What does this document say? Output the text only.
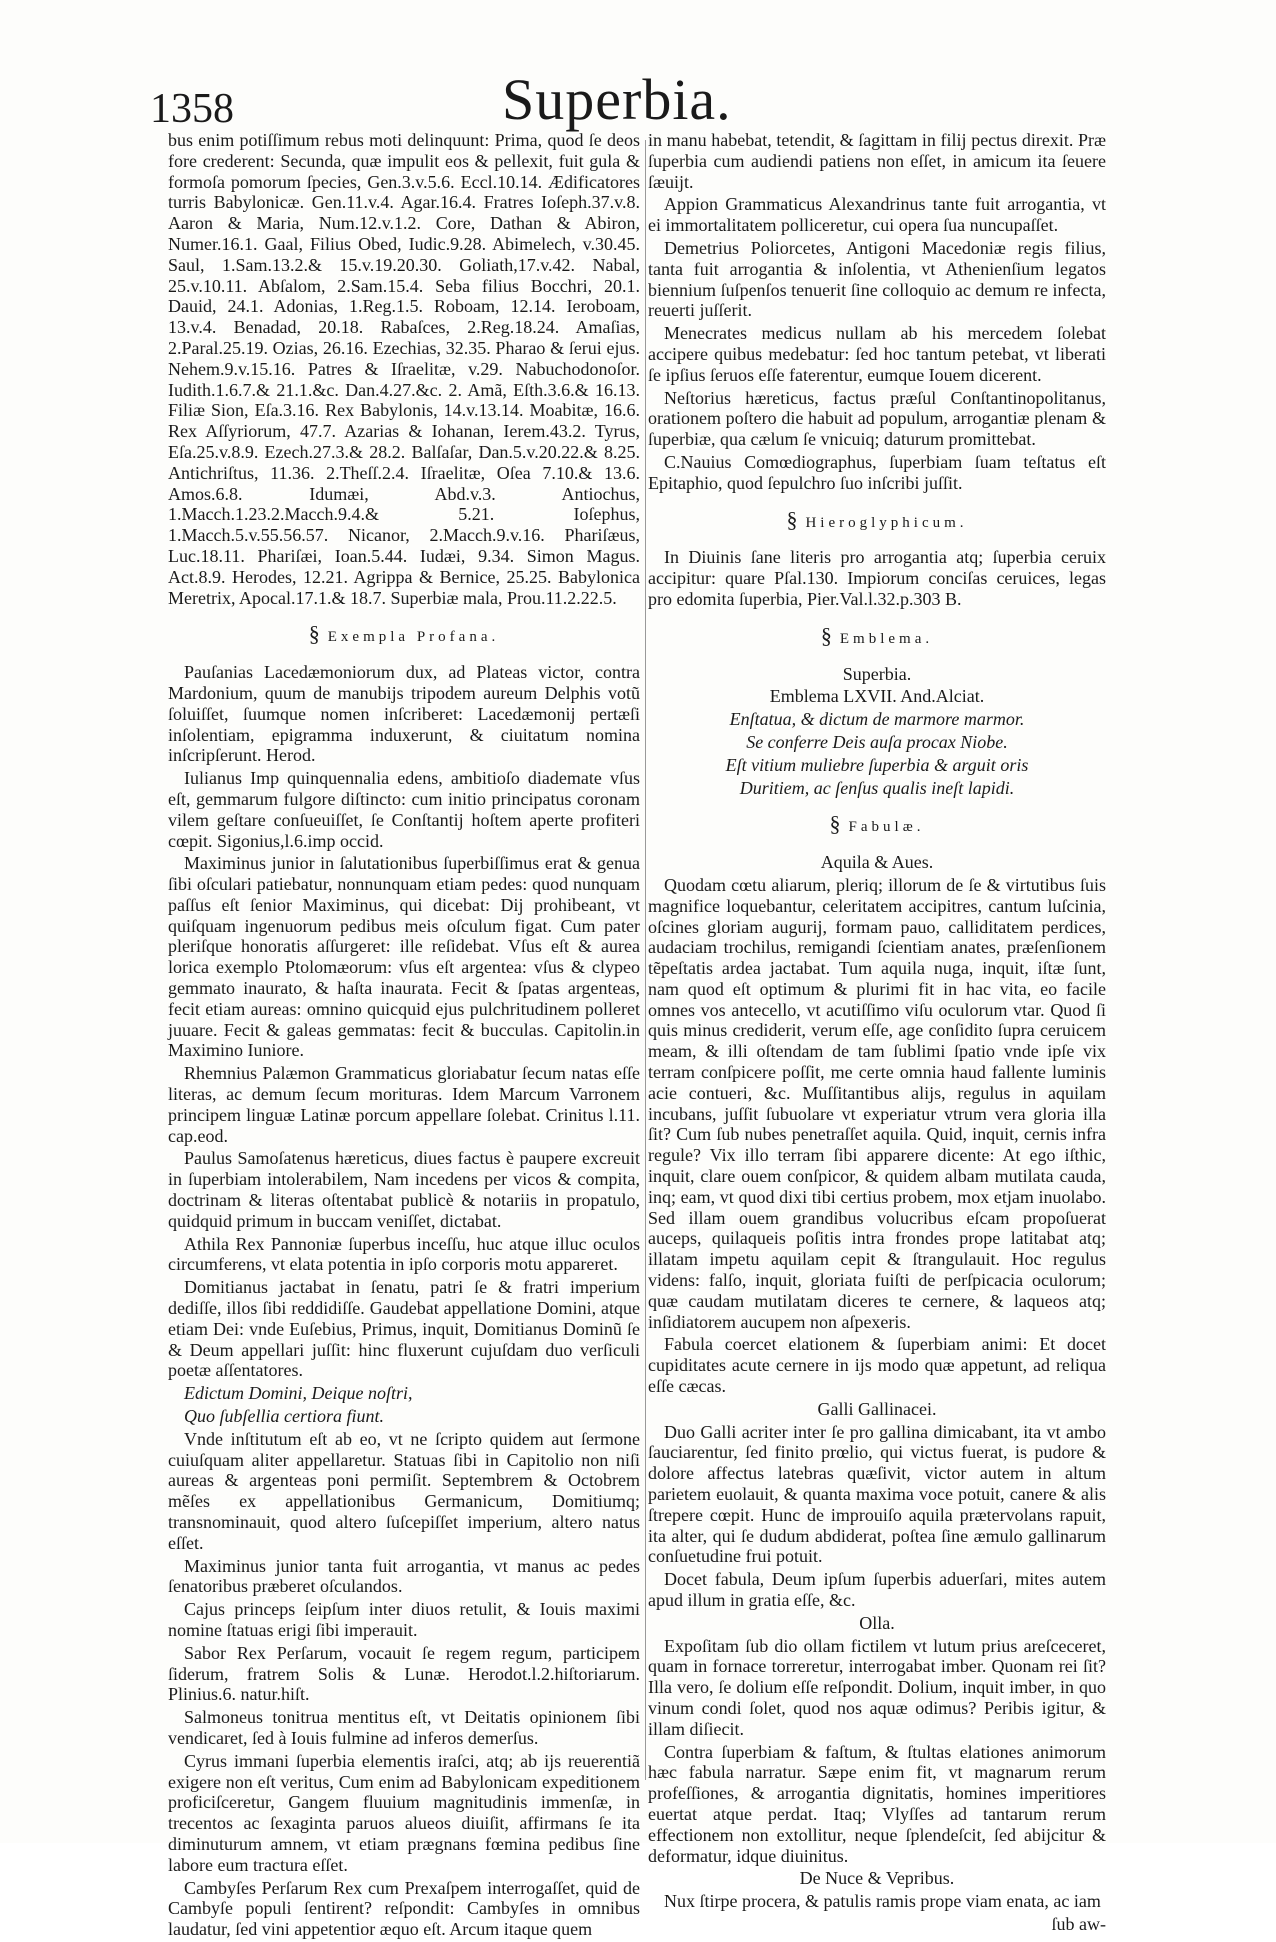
1358	Superbia.

bus enim potiſſimum rebus moti delinquunt: Prima, quod ſe deos fore crederent: Secunda, quæ impulit eos & pellexit, fuit gula & formoſa pomorum ſpecies, Gen.3.v.5.6. Eccl.10.14. Ædificatores turris Babylonicæ. Gen.11.v.4. Agar.16.4. Fratres Ioſeph.37.v.8. Aaron & Maria, Num.12.v.1.2. Core, Dathan & Abiron, Numer.16.1. Gaal, Filius Obed, Iudic.9.28. Abimelech, v.30.45. Saul, 1.Sam.13.2.& 15.v.19.20.30. Goliath,17.v.42. Nabal, 25.v.10.11. Abſalom, 2.Sam.15.4. Seba filius Bocchri, 20.1. Dauid, 24.1. Adonias, 1.Reg.1.5. Roboam, 12.14. Ieroboam, 13.v.4. Benadad, 20.18. Rabaſces, 2.Reg.18.24. Amaſias, 2.Paral.25.19. Ozias, 26.16. Ezechias, 32.35. Pharao & ſerui ejus. Nehem.9.v.15.16. Patres & Iſraelitæ, v.29. Nabuchodonoſor. Iudith.1.6.7.& 21.1.&c. Dan.4.27.&c. 2. Amã, Eſth.3.6.& 16.13. Filiæ Sion, Eſa.3.16. Rex Babylonis, 14.v.13.14. Moabitæ, 16.6. Rex Aſſyriorum, 47.7. Azarias & Iohanan, Ierem.43.2. Tyrus, Eſa.25.v.8.9. Ezech.27.3.& 28.2. Balſaſar, Dan.5.v.20.22.& 8.25. Antichriſtus, 11.36. 2.Theſſ.2.4. Iſraelitæ, Oſea 7.10.& 13.6. Amos.6.8. Idumæi, Abd.v.3. Antiochus, 1.Macch.1.23.2.Macch.9.4.& 5.21. Ioſephus, 1.Macch.5.v.55.56.57. Nicanor, 2.Macch.9.v.16. Phariſæus, Luc.18.11. Phariſæi, Ioan.5.44. Iudæi, 9.34. Simon Magus. Act.8.9. Herodes, 12.21. Agrippa & Bernice, 25.25. Babylonica Meretrix, Apocal.17.1.& 18.7. Superbiæ mala, Prou.11.2.22.5.

§ Exempla Profana.

Pauſanias Lacedæmoniorum dux, ad Plateas victor, contra Mardonium, quum de manubijs tripodem aureum Delphis votũ ſoluiſſet, ſuumque nomen inſcriberet: Lacedæmonij pertæſi inſolentiam, epigramma induxerunt, & ciuitatum nomina inſcripſerunt. Herod.

Iulianus Imp quinquennalia edens, ambitioſo diademate vſus eſt, gemmarum fulgore diſtincto: cum initio principatus coronam vilem geſtare conſueuiſſet, ſe Conſtantij hoſtem aperte profiteri cœpit. Sigonius,l.6.imp occid.

Maximinus junior in ſalutationibus ſuperbiſſimus erat & genua ſibi oſculari patiebatur, nonnunquam etiam pedes: quod nunquam paſſus eſt ſenior Maximinus, qui dicebat: Dij prohibeant, vt quiſquam ingenuorum pedibus meis oſculum figat. Cum pater pleriſque honoratis aſſurgeret: ille reſidebat. Vſus eſt & aurea lorica exemplo Ptolomæorum: vſus eſt argentea: vſus & clypeo gemmato inaurato, & haſta inaurata. Fecit & ſpatas argenteas, fecit etiam aureas: omnino quicquid ejus pulchritudinem polleret juuare. Fecit & galeas gemmatas: fecit & bucculas. Capitolin.in Maximino Iuniore.

Rhemnius Palæmon Grammaticus gloriabatur ſecum natas eſſe literas, ac demum ſecum morituras. Idem Marcum Varronem principem linguæ Latinæ porcum appellare ſolebat. Crinitus l.11. cap.eod.

Paulus Samoſatenus hæreticus, diues factus è paupere excreuit in ſuperbiam intolerabilem, Nam incedens per vicos & compita, doctrinam & literas oſtentabat publicè & notariis in propatulo, quidquid primum in buccam veniſſet, dictabat.

Athila Rex Pannoniæ ſuperbus inceſſu, huc atque illuc oculos circumferens, vt elata potentia in ipſo corporis motu appareret.

Domitianus jactabat in ſenatu, patri ſe & fratri imperium dediſſe, illos ſibi reddidiſſe. Gaudebat appellatione Domini, atque etiam Dei: vnde Euſebius, Primus, inquit, Domitianus Dominũ ſe & Deum appellari juſſit: hinc fluxerunt cujuſdam duo verſiculi poetæ aſſentatores.

Edictum Domini, Deique noſtri,

Quo ſubſellia certiora fiunt.

Vnde inſtitutum eſt ab eo, vt ne ſcripto quidem aut ſermone cuiuſquam aliter appellaretur. Statuas ſibi in Capitolio non niſi aureas & argenteas poni permiſit. Septembrem & Octobrem mẽſes ex appellationibus Germanicum, Domitiumq; transnominauit, quod altero ſuſcepiſſet imperium, altero natus eſſet.

Maximinus junior tanta fuit arrogantia, vt manus ac pedes ſenatoribus præberet oſculandos.

Cajus princeps ſeipſum inter diuos retulit, & Iouis maximi nomine ſtatuas erigi ſibi imperauit.

Sabor Rex Perſarum, vocauit ſe regem regum, participem ſiderum, fratrem Solis & Lunæ. Herodot.l.2.hiſtoriarum. Plinius.6. natur.hiſt.

Salmoneus tonitrua mentitus eſt, vt Deitatis opinionem ſibi vendicaret, ſed à Iouis fulmine ad inferos demerſus.

Cyrus immani ſuperbia elementis iraſci, atq; ab ijs reuerentiã exigere non eſt veritus, Cum enim ad Babylonicam expeditionem proficiſceretur, Gangem fluuium magnitudinis immenſæ, in trecentos ac ſexaginta paruos alueos diuiſit, affirmans ſe ita diminuturum amnem, vt etiam prægnans fœmina pedibus ſine labore eum tractura eſſet.

Cambyſes Perſarum Rex cum Prexaſpem interrogaſſet, quid de Cambyſe populi ſentirent? reſpondit: Cambyſes in omnibus laudatur, ſed vini appetentior æquo eſt. Arcum itaque quem

in manu habebat, tetendit, & ſagittam in filij pectus direxit. Præ ſuperbia cum audiendi patiens non eſſet, in amicum ita ſeuere ſæuijt.

Appion Grammaticus Alexandrinus tante fuit arrogantia, vt ei immortalitatem polliceretur, cui opera ſua nuncupaſſet.

Demetrius Poliorcetes, Antigoni Macedoniæ regis filius, tanta fuit arrogantia & inſolentia, vt Athenienſium legatos biennium ſuſpenſos tenuerit ſine colloquio ac demum re infecta, reuerti juſſerit.

Menecrates medicus nullam ab his mercedem ſolebat accipere quibus medebatur: ſed hoc tantum petebat, vt liberati ſe ipſius ſeruos eſſe faterentur, eumque Iouem dicerent.

Neſtorius hæreticus, factus præſul Conſtantinopolitanus, orationem poſtero die habuit ad populum, arrogantiæ plenam & ſuperbiæ, qua cælum ſe vnicuiq; daturum promittebat.

C.Nauius Comœdiographus, ſuperbiam ſuam teſtatus eſt Epitaphio, quod ſepulchro ſuo inſcribi juſſit.

§ Hieroglyphicum.

In Diuinis ſane literis pro arrogantia atq; ſuperbia ceruix accipitur: quare Pſal.130. Impiorum conciſas ceruices, legas pro edomita ſuperbia, Pier.Val.l.32.p.303 B.

§ Emblema.

Superbia.

Emblema LXVII. And.Alciat.

Enſtatua, & dictum de marmore marmor.

Se conferre Deis auſa procax Niobe.

Eſt vitium muliebre ſuperbia & arguit oris

Duritiem, ac ſenſus qualis ineſt lapidi.

§ Fabulæ.

Aquila & Aues.

Quodam cœtu aliarum, pleriq; illorum de ſe & virtutibus ſuis magnifice loquebantur, celeritatem accipitres, cantum luſcinia, oſcines gloriam augurij, formam pauo, calliditatem perdices, audaciam trochilus, remigandi ſcientiam anates, præſenſionem tẽpeſtatis ardea jactabat. Tum aquila nuga, inquit, iſtæ ſunt, nam quod eſt optimum & plurimi fit in hac vita, eo facile omnes vos antecello, vt acutiſſimo viſu oculorum vtar. Quod ſi quis minus crediderit, verum eſſe, age conſidito ſupra ceruicem meam, & illi oſtendam de tam ſublimi ſpatio vnde ipſe vix terram conſpicere poſſit, me certe omnia haud fallente luminis acie contueri, &c. Muſſitantibus alijs, regulus in aquilam incubans, juſſit ſubuolare vt experiatur vtrum vera gloria illa ſit? Cum ſub nubes penetraſſet aquila. Quid, inquit, cernis infra regule? Vix illo terram ſibi apparere dicente: At ego iſthic, inquit, clare ouem conſpicor, & quidem albam mutilata cauda, inq; eam, vt quod dixi tibi certius probem, mox etjam inuolabo. Sed illam ouem grandibus volucribus eſcam propoſuerat auceps, quilaqueis poſitis intra frondes prope latitabat atq; illatam impetu aquilam cepit & ſtrangulauit. Hoc regulus videns: falſo, inquit, gloriata fuiſti de perſpicacia oculorum; quæ caudam mutilatam diceres te cernere, & laqueos atq; inſidiatorem aucupem non aſpexeris.

Fabula coercet elationem & ſuperbiam animi: Et docet cupiditates acute cernere in ijs modo quæ appetunt, ad reliqua eſſe cæcas.

Galli Gallinacei.

Duo Galli acriter inter ſe pro gallina dimicabant, ita vt ambo ſauciarentur, ſed finito prœlio, qui victus fuerat, is pudore & dolore affectus latebras quæſivit, victor autem in altum parietem euolauit, & quanta maxima voce potuit, canere & alis ſtrepere cœpit. Hunc de improuiſo aquila prætervolans rapuit, ita alter, qui ſe dudum abdiderat, poſtea ſine æmulo gallinarum conſuetudine frui potuit.

Docet fabula, Deum ipſum ſuperbis aduerſari, mites autem apud illum in gratia eſſe, &c.

Olla.

Expoſitam ſub dio ollam fictilem vt lutum prius areſceceret, quam in fornace torreretur, interrogabat imber. Quonam rei ſit? Illa vero, ſe dolium eſſe reſpondit. Dolium, inquit imber, in quo vinum condi ſolet, quod nos aquæ odimus? Peribis igitur, & illam diſiecit.

Contra ſuperbiam & faſtum, & ſtultas elationes animorum hæc fabula narratur. Sæpe enim fit, vt magnarum rerum profeſſiones, & arrogantia dignitatis, homines imperitiores euertat atque perdat. Itaq; Vlyſſes ad tantarum rerum effectionem non extollitur, neque ſplendeſcit, ſed abijcitur & deformatur, idque diuinitus.

De Nuce & Vepribus.

Nux ſtirpe procera, & patulis ramis prope viam enata, ac iam

ſub aw-
